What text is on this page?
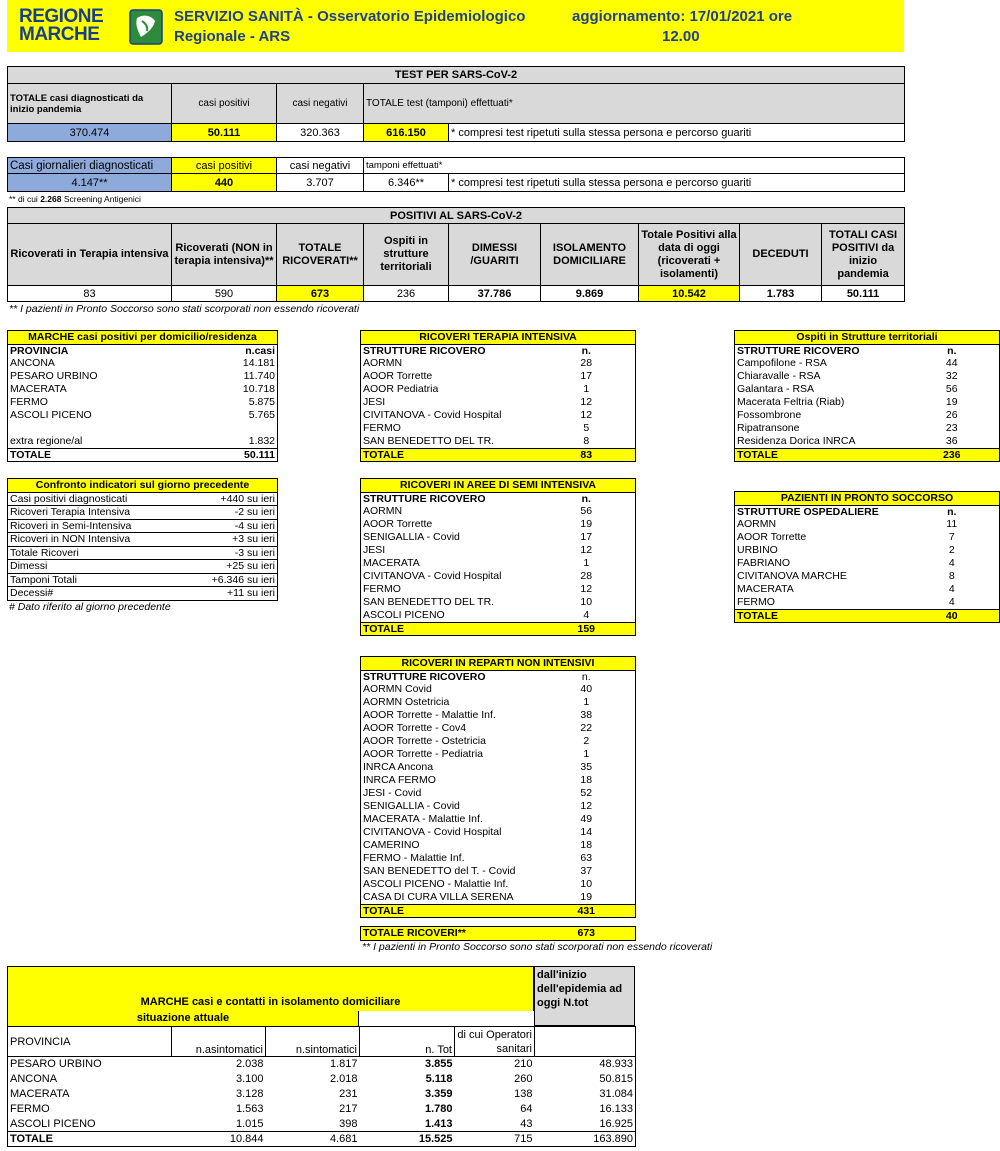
REGIONE
MARCHE
SERVIZIO SANITÀ - Osservatorio Epidemiologico
Regionale - ARS
aggiornamento: 17/01/2021 ore
12.00
TEST PER SARS-CoV-2				
TOTALE casi diagnosticati da inizio pandemia	casi positivi	casi negativi	TOTALE test (tamponi) effettuati*	
370.474	50.111	320.363	616.150	* compresi test ripetuti sulla stessa persona e percorso guariti
Casi giornalieri diagnosticati	casi positivi	casi negativi	tamponi effettuati*	
4.147**	440	3.707	6.346**	* compresi test ripetuti sulla stessa persona e percorso guariti
** di cui 2.268 Screening Antigenici
POSITIVI AL SARS-CoV-2								
Ricoverati in Terapia intensiva	Ricoverati (NON in terapia intensiva)**	TOTALE RICOVERATI**	Ospiti in strutture territoriali	DIMESSI /GUARITI	ISOLAMENTO DOMICILIARE	Totale Positivi alla data di oggi (ricoverati + isolamenti)	DECEDUTI	TOTALI CASI POSITIVI da inizio pandemia
83	590	673	236	37.786	9.869	10.542	1.783	50.111
** I pazienti in Pronto Soccorso sono stati scorporati non essendo ricoverati
MARCHE casi positivi per domicilio/residenza	
PROVINCIA	n.casi
ANCONA	14.181
PESARO URBINO	11.740
MACERATA	10.718
FERMO	5.875
ASCOLI PICENO	5.765

extra regione/al	1.832
TOTALE	50.111
RICOVERI TERAPIA INTENSIVA	
STRUTTURE RICOVERO	n.
AORMN	28
AOOR Torrette	17
AOOR Pediatria	1
JESI	12
CIVITANOVA - Covid Hospital	12
FERMO	5
SAN BENEDETTO DEL TR.	8
TOTALE	83
Ospiti in Strutture territoriali	
STRUTTURE RICOVERO	n.
Campofilone - RSA	44
Chiaravalle - RSA	32
Galantara - RSA	56
Macerata Feltria (Riab)	19
Fossombrone	26
Ripatransone	23
Residenza Dorica INRCA	36
TOTALE	236
Confronto indicatori sul giorno precedente	
Casi positivi diagnosticati	+440 su ieri
Ricoveri Terapia Intensiva	-2 su ieri
Ricoveri in Semi-Intensiva	-4 su ieri
Ricoveri in NON Intensiva	+3 su ieri
Totale Ricoveri	-3 su ieri
Dimessi	+25 su ieri
Tamponi Totali	+6.346 su ieri
Decessi#	+11 su ieri
# Dato riferito al giorno precedente
RICOVERI IN AREE DI SEMI INTENSIVA	
STRUTTURE RICOVERO	n.
AORMN	56
AOOR Torrette	19
SENIGALLIA - Covid	17
JESI	12
MACERATA	1
CIVITANOVA - Covid Hospital	28
FERMO	12
SAN BENEDETTO DEL TR.	10
ASCOLI PICENO	4
TOTALE	159
PAZIENTI IN PRONTO SOCCORSO	
STRUTTURE OSPEDALIERE	n.
AORMN	11
AOOR Torrette	7
URBINO	2
FABRIANO	4
CIVITANOVA MARCHE	8
MACERATA	4
FERMO	4
TOTALE	40
RICOVERI IN REPARTI NON INTENSIVI	
STRUTTURE RICOVERO	n.
AORMN Covid	40
AORMN Ostetricia	1
AOOR Torrette - Malattie Inf.	38
AOOR Torrette - Cov4	22
AOOR Torrette - Ostetricia	2
AOOR Torrette - Pediatria	1
INRCA Ancona	35
INRCA FERMO	18
JESI - Covid	52
SENIGALLIA - Covid	12
MACERATA - Malattie Inf.	49
CIVITANOVA - Covid Hospital	14
CAMERINO	18
FERMO - Malattie Inf.	63
SAN BENEDETTO del T. - Covid	37
ASCOLI PICENO - Malattie Inf.	10
CASA DI CURA VILLA SERENA	19
TOTALE	431
TOTALE RICOVERI**	673
** I pazienti in Pronto Soccorso sono stati scorporati non essendo ricoverati
MARCHE casi e contatti in isolamento domiciliare
dall'inizio dell'epidemia ad oggi N.tot
situazione attuale
PROVINCIA	n.asintomatici	n.sintomatici	n. Tot	di cui Operatori sanitari	
PESARO URBINO	2.038	1.817	3.855	210	48.933
ANCONA	3.100	2.018	5.118	260	50.815
MACERATA	3.128	231	3.359	138	31.084
FERMO	1.563	217	1.780	64	16.133
ASCOLI PICENO	1.015	398	1.413	43	16.925
TOTALE	10.844	4.681	15.525	715	163.890
